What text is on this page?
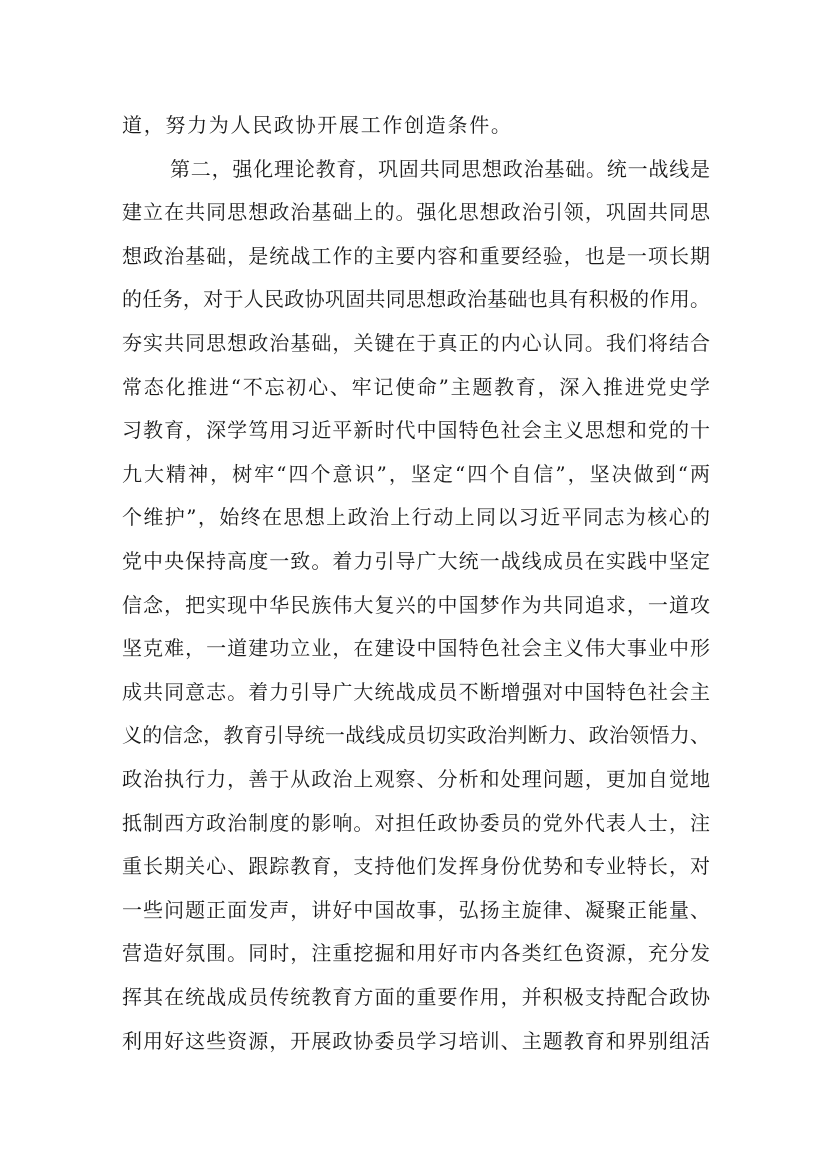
道，努力为人民政协开展工作创造条件。
第二，强化理论教育，巩固共同思想政治基础。统一战线是
建立在共同思想政治基础上的。强化思想政治引领，巩固共同思
想政治基础，是统战工作的主要内容和重要经验，也是一项长期
的任务，对于人民政协巩固共同思想政治基础也具有积极的作用。
夯实共同思想政治基础，关键在于真正的内心认同。我们将结合
常态化推进“不忘初心、牢记使命”主题教育，深入推进党史学
习教育，深学笃用习近平新时代中国特色社会主义思想和党的十
九大精神，树牢“四个意识”，坚定“四个自信”，坚决做到“两
个维护”，始终在思想上政治上行动上同以习近平同志为核心的
党中央保持高度一致。着力引导广大统一战线成员在实践中坚定
信念，把实现中华民族伟大复兴的中国梦作为共同追求，一道攻
坚克难，一道建功立业，在建设中国特色社会主义伟大事业中形
成共同意志。着力引导广大统战成员不断增强对中国特色社会主
义的信念，教育引导统一战线成员切实政治判断力、政治领悟力、
政治执行力，善于从政治上观察、分析和处理问题，更加自觉地
抵制西方政治制度的影响。对担任政协委员的党外代表人士，注
重长期关心、跟踪教育，支持他们发挥身份优势和专业特长，对
一些问题正面发声，讲好中国故事，弘扬主旋律、凝聚正能量、
营造好氛围。同时，注重挖掘和用好市内各类红色资源，充分发
挥其在统战成员传统教育方面的重要作用，并积极支持配合政协
利用好这些资源，开展政协委员学习培训、主题教育和界别组活
